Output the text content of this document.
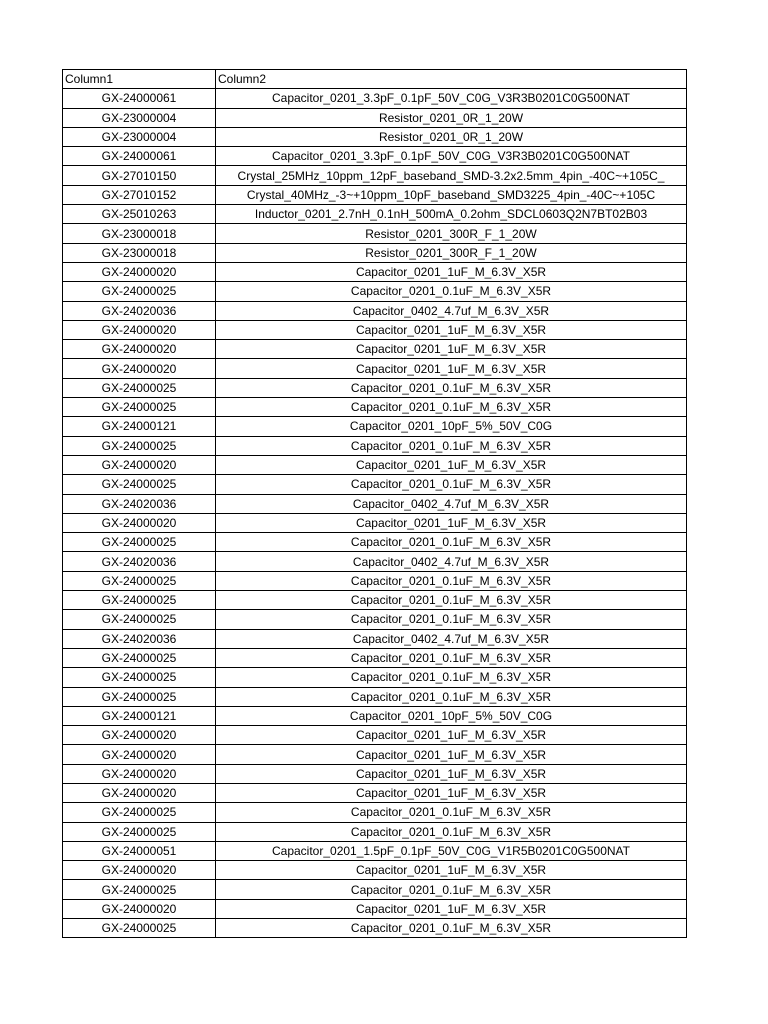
Column1	Column2
GX-24000061	Capacitor_0201_3.3pF_0.1pF_50V_C0G_V3R3B0201C0G500NAT
GX-23000004	Resistor_0201_0R_1_20W
GX-23000004	Resistor_0201_0R_1_20W
GX-24000061	Capacitor_0201_3.3pF_0.1pF_50V_C0G_V3R3B0201C0G500NAT
GX-27010150	Crystal_25MHz_10ppm_12pF_baseband_SMD-3.2x2.5mm_4pin_-40C~+105C_
GX-27010152	Crystal_40MHz_-3~+10ppm_10pF_baseband_SMD3225_4pin_-40C~+105C
GX-25010263	Inductor_0201_2.7nH_0.1nH_500mA_0.2ohm_SDCL0603Q2N7BT02B03
GX-23000018	Resistor_0201_300R_F_1_20W
GX-23000018	Resistor_0201_300R_F_1_20W
GX-24000020	Capacitor_0201_1uF_M_6.3V_X5R
GX-24000025	Capacitor_0201_0.1uF_M_6.3V_X5R
GX-24020036	Capacitor_0402_4.7uf_M_6.3V_X5R
GX-24000020	Capacitor_0201_1uF_M_6.3V_X5R
GX-24000020	Capacitor_0201_1uF_M_6.3V_X5R
GX-24000020	Capacitor_0201_1uF_M_6.3V_X5R
GX-24000025	Capacitor_0201_0.1uF_M_6.3V_X5R
GX-24000025	Capacitor_0201_0.1uF_M_6.3V_X5R
GX-24000121	Capacitor_0201_10pF_5%_50V_C0G
GX-24000025	Capacitor_0201_0.1uF_M_6.3V_X5R
GX-24000020	Capacitor_0201_1uF_M_6.3V_X5R
GX-24000025	Capacitor_0201_0.1uF_M_6.3V_X5R
GX-24020036	Capacitor_0402_4.7uf_M_6.3V_X5R
GX-24000020	Capacitor_0201_1uF_M_6.3V_X5R
GX-24000025	Capacitor_0201_0.1uF_M_6.3V_X5R
GX-24020036	Capacitor_0402_4.7uf_M_6.3V_X5R
GX-24000025	Capacitor_0201_0.1uF_M_6.3V_X5R
GX-24000025	Capacitor_0201_0.1uF_M_6.3V_X5R
GX-24000025	Capacitor_0201_0.1uF_M_6.3V_X5R
GX-24020036	Capacitor_0402_4.7uf_M_6.3V_X5R
GX-24000025	Capacitor_0201_0.1uF_M_6.3V_X5R
GX-24000025	Capacitor_0201_0.1uF_M_6.3V_X5R
GX-24000025	Capacitor_0201_0.1uF_M_6.3V_X5R
GX-24000121	Capacitor_0201_10pF_5%_50V_C0G
GX-24000020	Capacitor_0201_1uF_M_6.3V_X5R
GX-24000020	Capacitor_0201_1uF_M_6.3V_X5R
GX-24000020	Capacitor_0201_1uF_M_6.3V_X5R
GX-24000020	Capacitor_0201_1uF_M_6.3V_X5R
GX-24000025	Capacitor_0201_0.1uF_M_6.3V_X5R
GX-24000025	Capacitor_0201_0.1uF_M_6.3V_X5R
GX-24000051	Capacitor_0201_1.5pF_0.1pF_50V_C0G_V1R5B0201C0G500NAT
GX-24000020	Capacitor_0201_1uF_M_6.3V_X5R
GX-24000025	Capacitor_0201_0.1uF_M_6.3V_X5R
GX-24000020	Capacitor_0201_1uF_M_6.3V_X5R
GX-24000025	Capacitor_0201_0.1uF_M_6.3V_X5R
